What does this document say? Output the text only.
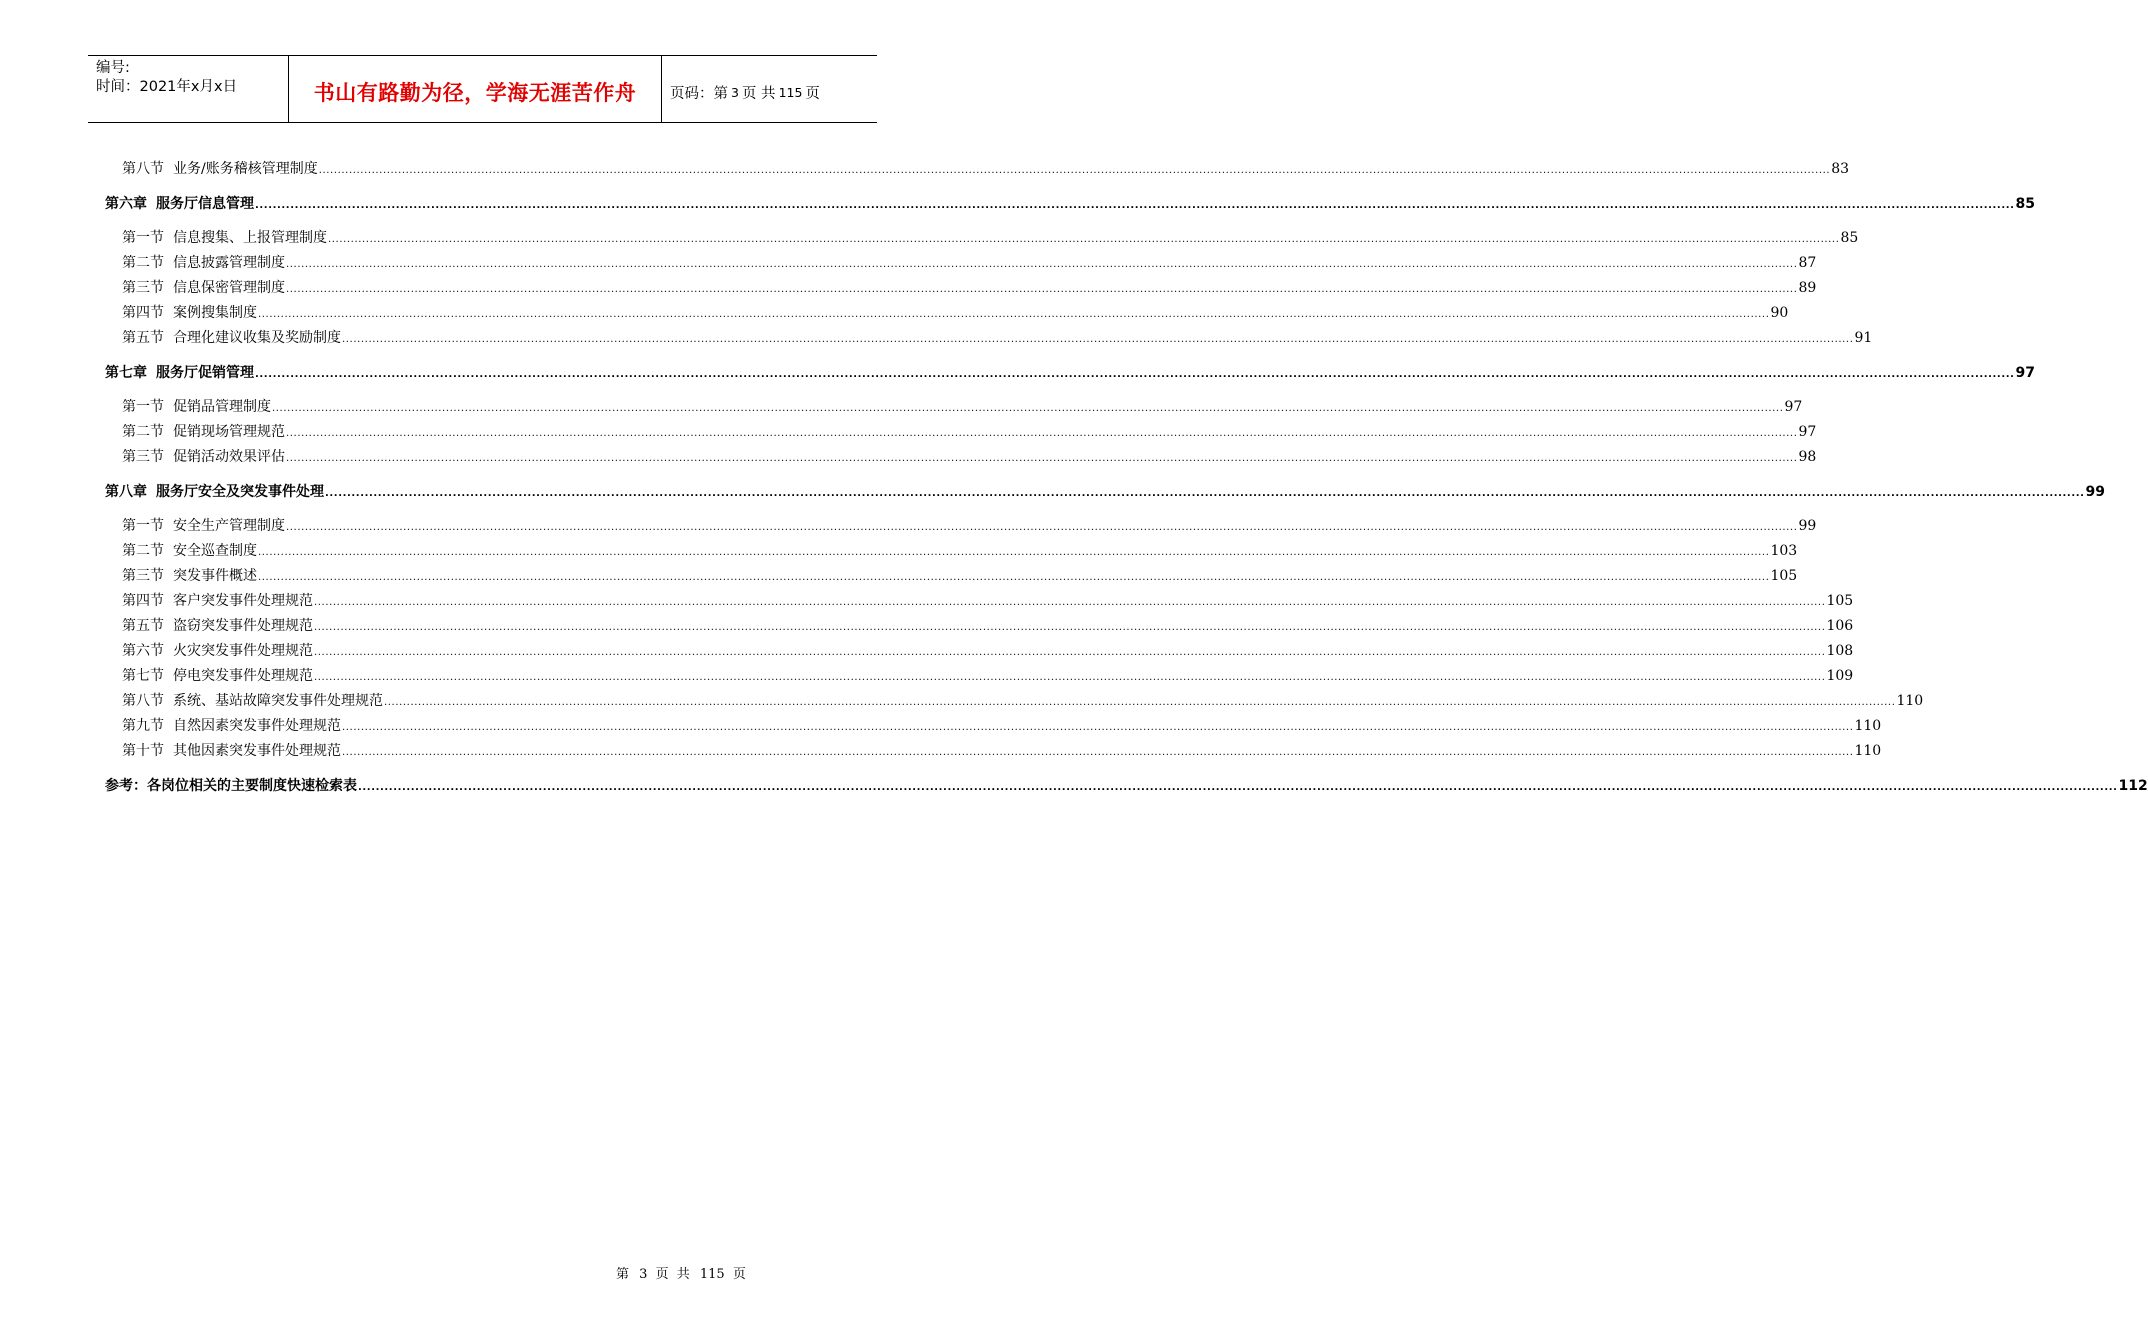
编号:
时间：2021年x月x日	书山有路勤为径，学海无涯苦作舟 页码：第 3 页 共 115 页
第八节 业务/账务稽核管理制度 ................................................................................................................................................................................................................................................................................................................................................................................................................ 83
第六章 服务厅信息管理 ................................................................................................................................................................................................................................................................................................................................................................................................................ 85
第一节 信息搜集、上报管理制度 ................................................................................................................................................................................................................................................................................................................................................................................................................ 85
第二节 信息披露管理制度 ................................................................................................................................................................................................................................................................................................................................................................................................................ 87
第三节 信息保密管理制度 ................................................................................................................................................................................................................................................................................................................................................................................................................ 89
第四节 案例搜集制度 ................................................................................................................................................................................................................................................................................................................................................................................................................ 90
第五节 合理化建议收集及奖励制度 ................................................................................................................................................................................................................................................................................................................................................................................................................ 91
第七章 服务厅促销管理 ................................................................................................................................................................................................................................................................................................................................................................................................................ 97
第一节 促销品管理制度 ................................................................................................................................................................................................................................................................................................................................................................................................................ 97
第二节 促销现场管理规范 ................................................................................................................................................................................................................................................................................................................................................................................................................ 97
第三节 促销活动效果评估 ................................................................................................................................................................................................................................................................................................................................................................................................................ 98
第八章 服务厅安全及突发事件处理 ................................................................................................................................................................................................................................................................................................................................................................................................................ 99
第一节 安全生产管理制度 ................................................................................................................................................................................................................................................................................................................................................................................................................ 99
第二节 安全巡查制度 ................................................................................................................................................................................................................................................................................................................................................................................................................ 103
第三节 突发事件概述 ................................................................................................................................................................................................................................................................................................................................................................................................................ 105
第四节 客户突发事件处理规范 ................................................................................................................................................................................................................................................................................................................................................................................................................ 105
第五节 盗窃突发事件处理规范 ................................................................................................................................................................................................................................................................................................................................................................................................................ 106
第六节 火灾突发事件处理规范 ................................................................................................................................................................................................................................................................................................................................................................................................................ 108
第七节 停电突发事件处理规范 ................................................................................................................................................................................................................................................................................................................................................................................................................ 109
第八节 系统、基站故障突发事件处理规范 ................................................................................................................................................................................................................................................................................................................................................................................................................ 110
第九节 自然因素突发事件处理规范 ................................................................................................................................................................................................................................................................................................................................................................................................................ 110
第十节 其他因素突发事件处理规范 ................................................................................................................................................................................................................................................................................................................................................................................................................ 110
参考：各岗位相关的主要制度快速检索表 ................................................................................................................................................................................................................................................................................................................................................................................................................ 112
第 3 页 共 115 页
